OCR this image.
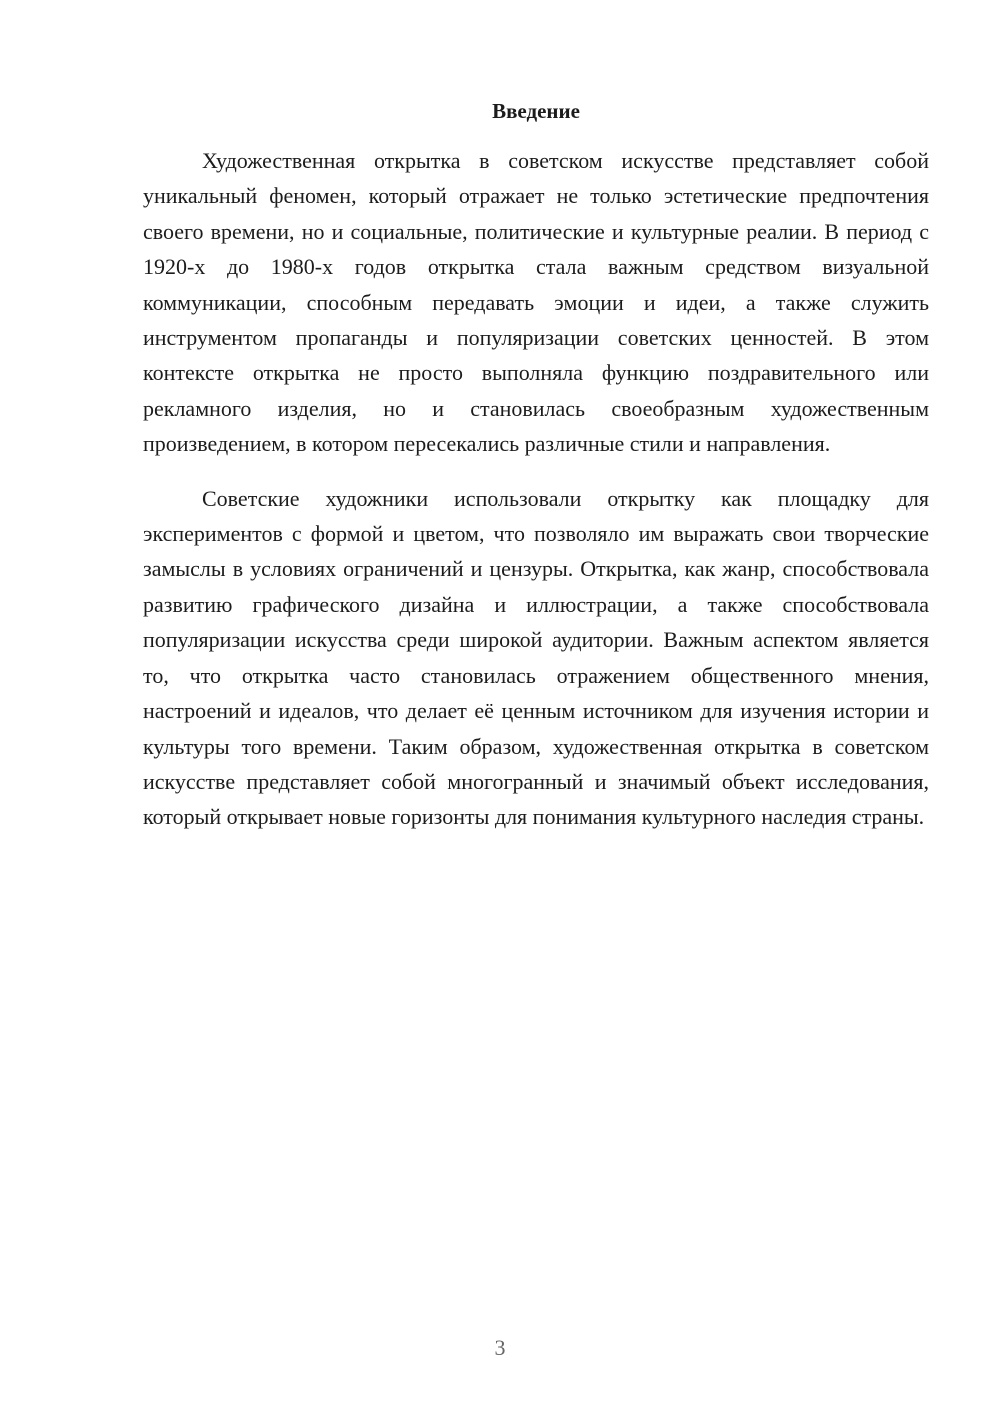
Введение

Художественная открытка в советском искусстве представляет собой уникальный феномен, который отражает не только эстетические предпочтения своего времени, но и социальные, политические и культурные реалии. В период с 1920-х до 1980-х годов открытка стала важным средством визуальной коммуникации, способным передавать эмоции и идеи, а также служить инструментом пропаганды и популяризации советских ценностей. В этом контексте открытка не просто выполняла функцию поздравительного или рекламного изделия, но и становилась своеобразным художественным произведением, в котором пересекались различные стили и направления.

Советские художники использовали открытку как площадку для экспериментов с формой и цветом, что позволяло им выражать свои творческие замыслы в условиях ограничений и цензуры. Открытка, как жанр, способствовала развитию графического дизайна и иллюстрации, а также способствовала популяризации искусства среди широкой аудитории. Важным аспектом является то, что открытка часто становилась отражением общественного мнения, настроений и идеалов, что делает её ценным источником для изучения истории и культуры того времени. Таким образом, художественная открытка в советском искусстве представляет собой многогранный и значимый объект исследования, который открывает новые горизонты для понимания культурного наследия страны.

3
